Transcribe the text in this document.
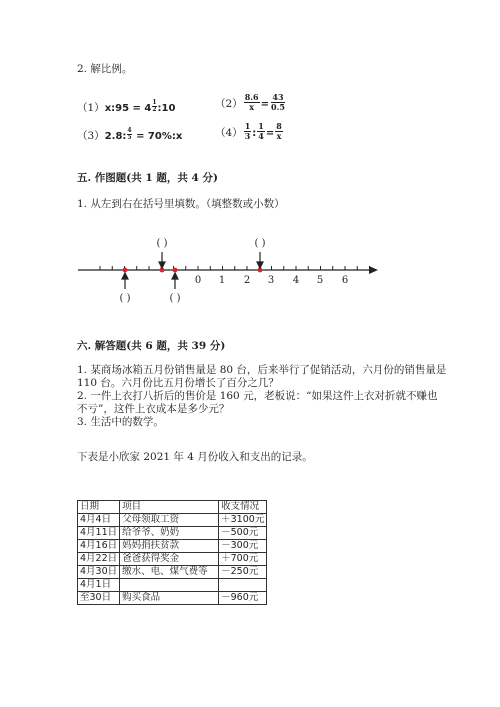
2. 解比例。
（1）x:95 = $4 \frac{1}{2}$ :10	$(2) \frac{8.6}{x} = \frac{43}{0.5}$
（3）2.8: $\frac{4}{5}$ = 70%:x	$(4) \frac{1}{3}$ : $\frac{1}{4} = \frac{8}{x}$
五. 作图题(共 1 题，共 4 分)
1. 从左到右在括号里填数。（填整数或小数）
0 1 2 3 4 5 6
( )	( )
( )	( )
六. 解答题(共 6 题，共 39 分)
1. 某商场冰箱五月份销售量是 80 台，后来举行了促销活动，六月份的销售量是
110 台。六月份比五月份增长了百分之几？
2. 一件上衣打八折后的售价是 160 元，老板说：“如果这件上衣对折就不赚也
不亏”，这件上衣成本是多少元？
3. 生活中的数学。
下表是小欣家 2021 年 4 月份收入和支出的记录。
日期	项目	收支情况
4月4日	父母领取工资	＋3100元
4月11日	给爷爷、奶奶	－500元
4月16日	妈妈捐扶贫款	－300元
4月22日	爸爸获得奖金	＋700元
4月30日	缴水、电、煤气费等	－250元
4月1日		
至30日	购买食品	－960元
